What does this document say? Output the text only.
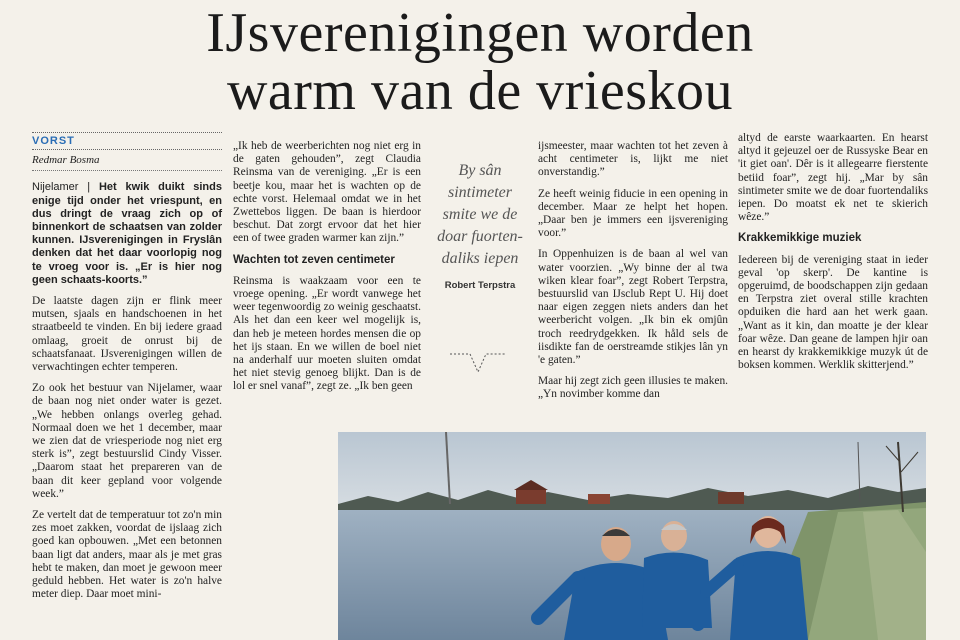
IJsverenigingen worden
warm van de vrieskou
VORST
Redmar Bosma

Nijelamer | Het kwik duikt sinds enige tijd onder het vriespunt, en dus dringt de vraag zich op of binnenkort de schaatsen van zolder kunnen. IJsverenigingen in Fryslân denken dat het daar voorlopig nog te vroeg voor is. „Er is hier nog geen schaats-koorts.”

De laatste dagen zijn er flink meer mutsen, sjaals en handschoenen in het straatbeeld te vinden. En bij iedere graad omlaag, groeit de onrust bij de schaatsfanaat. IJsverenigingen willen de verwachtingen echter temperen.

Zo ook het bestuur van Nijelamer, waar de baan nog niet onder water is gezet. „We hebben onlangs overleg gehad. Normaal doen we het 1 december, maar we zien dat de vriesperiode nog niet erg sterk is”, zegt bestuurslid Cindy Visser. „Daarom staat het prepareren van de baan dit keer gepland voor volgende week.”

Ze vertelt dat de temperatuur tot zo'n min zes moet zakken, voordat de ijslaag zich goed kan opbouwen. „Met een betonnen baan ligt dat anders, maar als je met gras hebt te maken, dan moet je gewoon meer geduld hebben. Het water is zo'n halve meter diep. Daar moet mini-

„Ik heb de weerberichten nog niet erg in de gaten gehouden”, zegt Claudia Reinsma van de vereniging. „Er is een beetje kou, maar het is wachten op de echte vorst. Helemaal omdat we in het Zwettebos liggen. De baan is hierdoor beschut. Dat zorgt ervoor dat het hier een of twee graden warmer kan zijn.”

Wachten tot zeven centimeter

Reinsma is waakzaam voor een te vroege opening. „Er wordt vanwege het weer tegenwoordig zo weinig geschaatst. Als het dan een keer wel mogelijk is, dan heb je meteen hordes mensen die op het ijs staan. En we willen de boel niet na anderhalf uur moeten sluiten omdat het niet stevig genoeg blijkt. Dan is de lol er snel vanaf”, zegt ze. „Ik ben geen

By sân sintimeter smite we de doar fuorten-daliks iepen
Robert Terpstra

ijsmeester, maar wachten tot het zeven à acht centimeter is, lijkt me niet onverstandig.”

Ze heeft weinig fiducie in een opening in december. Maar ze helpt het hopen. „Daar ben je immers een ijsvereniging voor.”

In Oppenhuizen is de baan al wel van water voorzien. „Wy binne der al twa wiken klear foar”, zegt Robert Terpstra, bestuurslid van IJsclub Rept U. Hij doet naar eigen zeggen niets anders dan het weerbericht volgen. „Ik bin ek omjûn troch reedrydgekken. Ik håld sels de iisdikte fan de oerstreamde stikjes lân yn 'e gaten.”

Maar hij zegt zich geen illusies te maken. „Yn novimber komme dan

altyd de earste waarkaarten. En hearst altyd it gejeuzel oer de Russyske Bear en 'it giet oan'. Dêr is it allegearre fierstente betiid foar”, zegt hij. „Mar by sân sintimeter smite we de doar fuortendaliks iepen. Do moatst ek net te skierich wêze.”

Krakkemikkige muziek

Iedereen bij de vereniging staat in ieder geval 'op skerp'. De kantine is opgeruimd, de boodschappen zijn gedaan en Terpstra ziet overal stille krachten opduiken die hard aan het werk gaan. „Want as it kin, dan moatte je der klear foar wêze. Dan geane de lampen hjir oan en hearst dy krakkemikkige muzyk út de boksen kommen. Werklik skitterjend.”
